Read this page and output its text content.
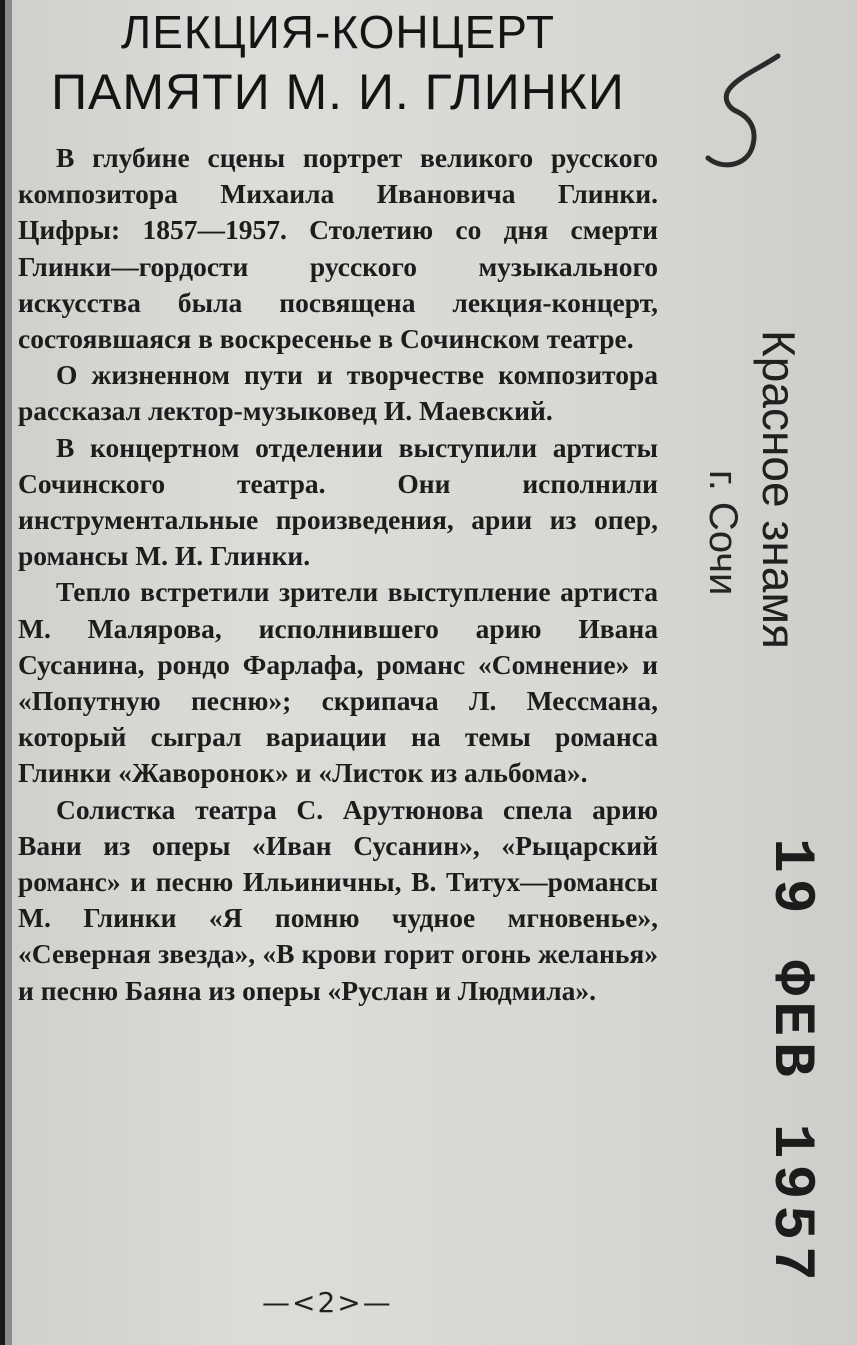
ЛЕКЦИЯ-КОНЦЕРТ
ПАМЯТИ М. И. ГЛИНКИ

В глубине сцены портрет великого русского композитора Михаила Ивановича Глинки. Цифры: 1857—1957. Столетию со дня смерти Глинки—гордости русского музыкального искусства была посвящена лекция-концерт, состоявшаяся в воскресенье в Сочинском театре.

О жизненном пути и творчестве композитора рассказал лектор-музыковед И. Маевский.

В концертном отделении выступили артисты Сочинского театра. Они исполнили инструментальные произведения, арии из опер, романсы М. И. Глинки.

Тепло встретили зрители выступление артиста М. Малярова, исполнившего арию Ивана Сусанина, рондо Фарлафа, романс «Сомнение» и «Попутную песню»; скрипача Л. Мессмана, который сыграл вариации на темы романса Глинки «Жаворонок» и «Листок из альбома».

Солистка театра С. Арутюнова спела арию Вани из оперы «Иван Сусанин», «Рыцарский романс» и песню Ильиничны, В. Титух—романсы М. Глинки «Я помню чудное мгновенье», «Северная звезда», «В крови горит огонь желанья» и песню Баяна из оперы «Руслан и Людмила».

—<2>—
Красное знамя
г. Сочи
19 ФЕВ 1957
